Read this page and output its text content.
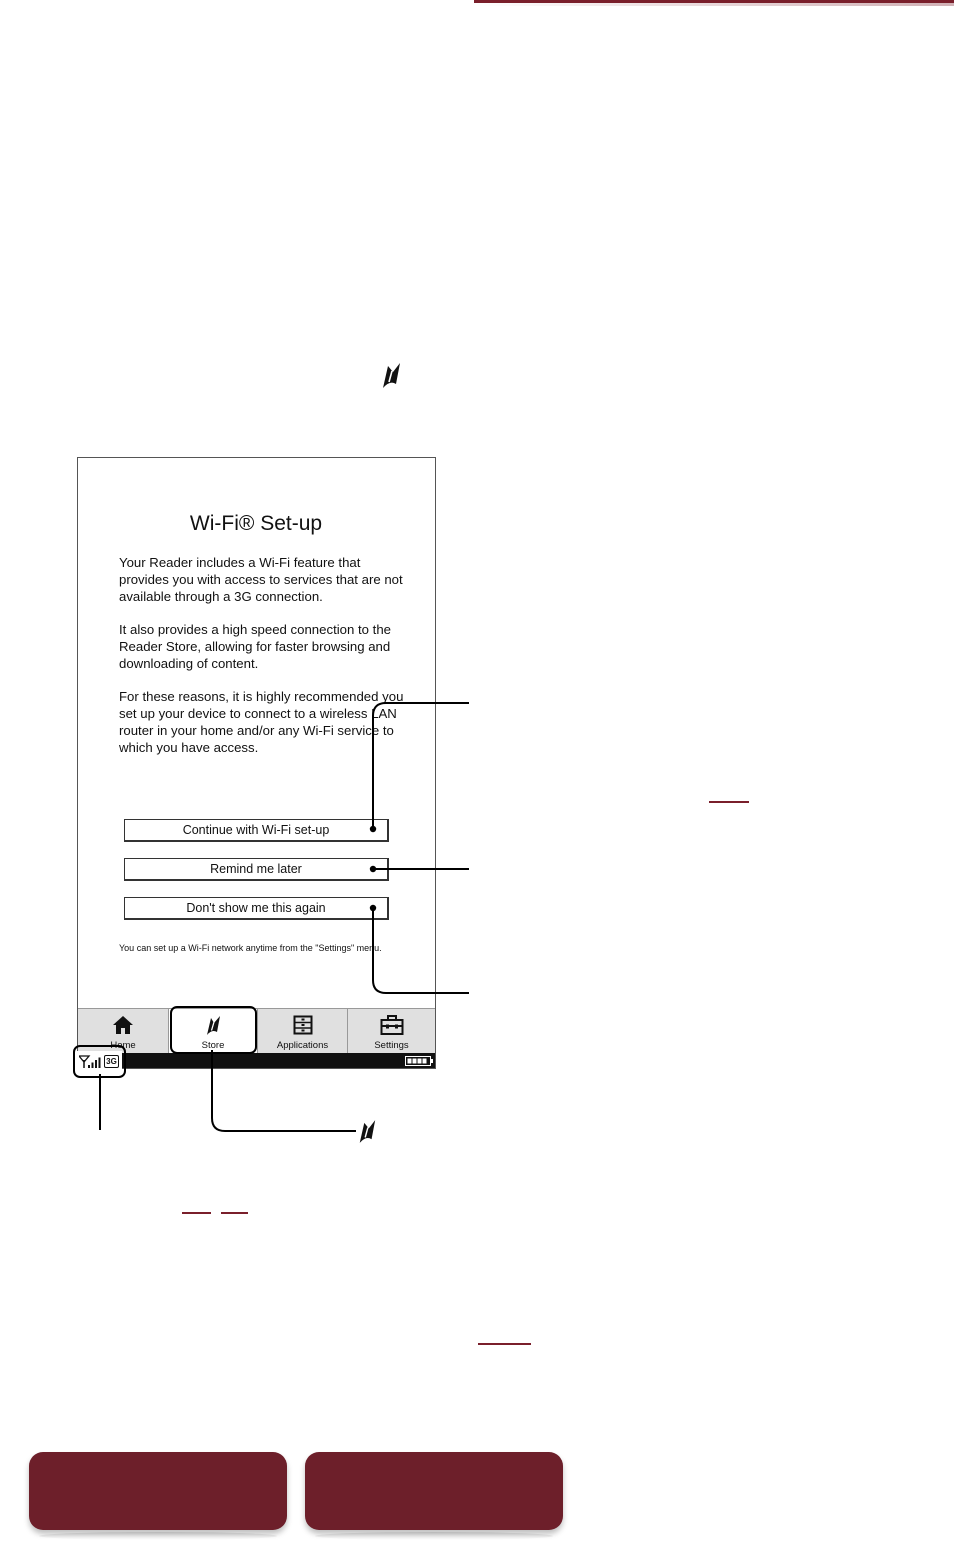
Wi-Fi® Set-up
Your Reader includes a Wi-Fi feature that provides you with access to services that are not available through a 3G connection.
It also provides a high speed connection to the Reader Store, allowing for faster browsing and downloading of content.
For these reasons, it is highly recommended you set up your device to connect to a wireless LAN router in your home and/or any Wi-Fi service to which you have access.
Continue with Wi-Fi set-up
Remind me later
Don't show me this again
You can set up a Wi-Fi network anytime from the "Settings" menu.
Home	Store	Applications	Settings
3G
